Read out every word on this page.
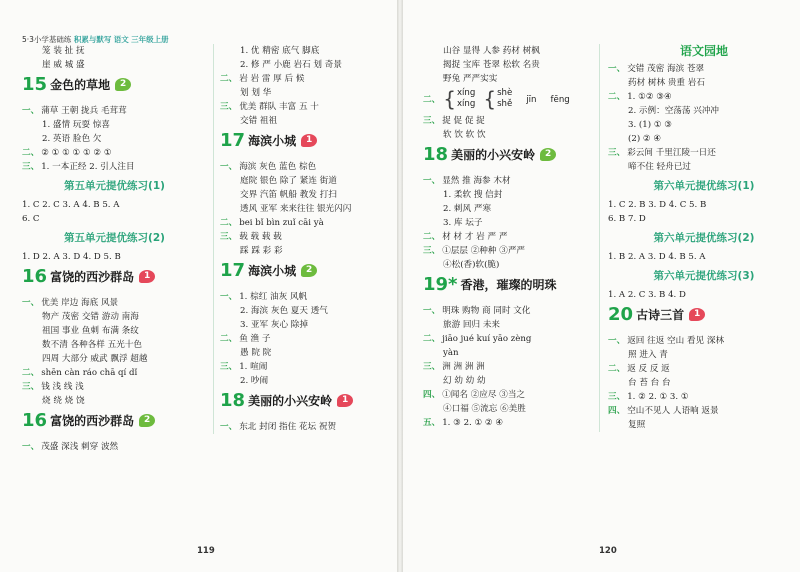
5·3小学基础练 积累与默写 语文 三年级上册
笼 装 扯 抚
崖 威 城 盛
15 金色的草地 2
一、 蒲草 王朝 拢兵 毛茸茸
1. 盛情 玩耍 惊喜
2. 英语 脸色 欠
二、 ② ① ① ① ① ② ①
三、 1. 一本正经 2. 引人注目
第五单元提优练习(1)
1. C 2. C 3. A 4. B 5. A
6. C
第五单元提优练习(2)
1. D 2. A 3. D 4. D 5. B
16 富饶的西沙群岛 1
一、 优美 岸边 海底 风景
物产 茂密 交错 游动 南海
祖国 事业 鱼刺 布满 条纹
数不清 各种各样 五光十色
四周 大部分 威武 飘浮 超越
二、 shēn càn ráo chā qí dǐ
三、 钱 浅 线 浅
烧 绕 烧 饶
16 富饶的西沙群岛 2
一、 茂盛 深浅 刺穿 波然
1. 优 精密 底气 脚底
2. 修 严 小鹿 岩石 划 奇景
二、 岩 岩 雷 厚 后 候
划 划 华
三、 优美 群队 丰富 五 十
交错 祖祖
17 海滨小城 1
一、 海滨 灰色 蓝色 棕色
庭院 银色 除了 紧连 街道
交界 汽笛 帆船 教发 打扫
透风 亚军 来来往往 银光闪闪
二、 bei bǐ bìn zuǐ cāi yà
三、 载 载 载 载
踩 踩 彩 彩
17 海滨小城 2
一、 1. 棕红 油灰 风帆
2. 海滨 灰色 夏天 透气
3. 亚军 灰心 除掉
二、 鱼 渔 子
愚 院 院
三、 1. 喧闹
2. 吵闹
18 美丽的小兴安岭 1
一、 东北 封闭 指住 花坛 祝贺
119
山谷 显得 人参 药材 树枫
揭捉 宝库 苍翠 松软 名贵
野兔 严严实实
二、 { xíng
xíng { shè
shě jīn fēng
三、 捉 促 促 捉
软 饮 软 饮
18 美丽的小兴安岭 2
一、 显然 推 海参 木材
1. 柔软 搜 信封
2. 刺风 严寒
3. 库 坛子
二、 材 材 才 岩 严 严
三、 ①层层 ②种种 ③严严
④松(香)软(脆)
19* 香港，璀璨的明珠
一、 明珠 购物 商 同时 文化
旅游 回归 未来
二、 jiāo jué kuí yāo zèng
yàn
三、 洲 洲 洲 洲
幻 幼 幼 幼
四、 ①闻名 ②应尽 ③当之
④口福 ⑤流忘 ⑥美胜
五、 1. ③ 2. ① ② ④
语文园地
一、 交错 茂密 海滨 苍翠
药材 树林 贵重 岩石
二、 1. ①② ③④
2. 示例：空荡荡 兴冲冲
3. (1) ① ③
(2) ② ④
三、 彩云间 千里江陵一日还
啼不住 轻舟已过
第六单元提优练习(1)
1. C 2. B 3. D 4. C 5. B
6. B 7. D
第六单元提优练习(2)
1. B 2. A 3. D 4. B 5. A
第六单元提优练习(3)
1. A 2. C 3. B 4. D
20 古诗三首 1
一、 返回 往返 空山 看见 深林
照 进入 青
二、 返 反 反 返
台 苔 台 台
三、 1. ② 2. ① 3. ①
四、 空山不见人 人语响 返景
复照
120
